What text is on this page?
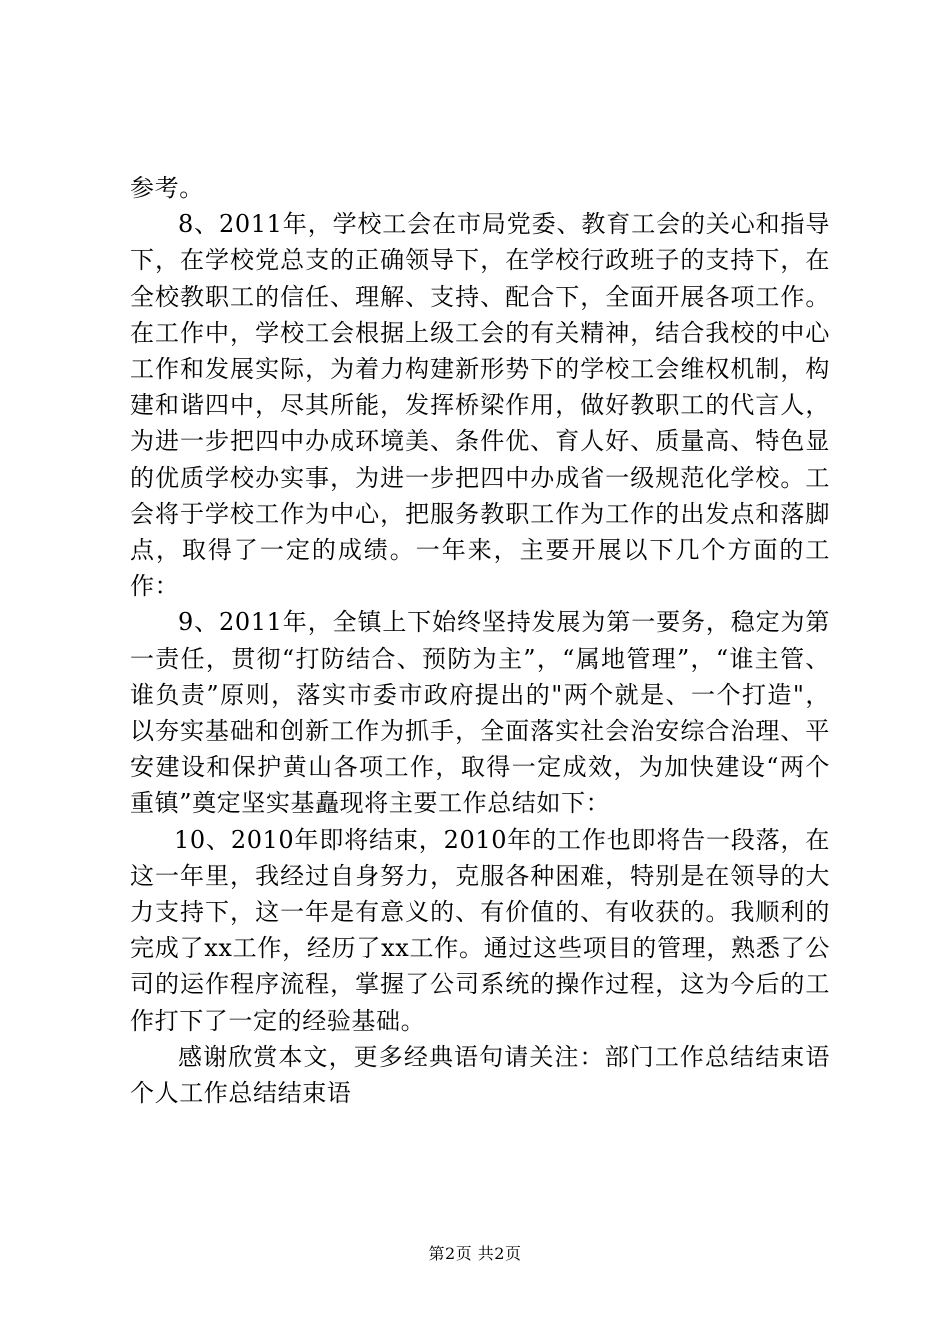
参考。

8、2011年，学校工会在市局党委、教育工会的关心和指导下，在学校党总支的正确领导下，在学校行政班子的支持下，在全校教职工的信任、理解、支持、配合下，全面开展各项工作。在工作中，学校工会根据上级工会的有关精神，结合我校的中心工作和发展实际，为着力构建新形势下的学校工会维权机制，构建和谐四中，尽其所能，发挥桥梁作用，做好教职工的代言人，为进一步把四中办成环境美、条件优、育人好、质量高、特色显的优质学校办实事，为进一步把四中办成省一级规范化学校。工会将于学校工作为中心，把服务教职工作为工作的出发点和落脚点，取得了一定的成绩。一年来，主要开展以下几个方面的工作：

9、2011年，全镇上下始终坚持发展为第一要务，稳定为第一责任，贯彻“打防结合、预防为主”，“属地管理”，“谁主管、谁负责”原则，落实市委市政府提出的"两个就是、一个打造"，以夯实基础和创新工作为抓手，全面落实社会治安综合治理、平安建设和保护黄山各项工作，取得一定成效，为加快建设“两个重镇”奠定坚实基矗现将主要工作总结如下：

10、2010年即将结束，2010年的工作也即将告一段落，在这一年里，我经过自身努力，克服各种困难，特别是在领导的大力支持下，这一年是有意义的、有价值的、有收获的。我顺利的完成了xx工作，经历了xx工作。通过这些项目的管理，熟悉了公司的运作程序流程，掌握了公司系统的操作过程，这为今后的工作打下了一定的经验基础。

感谢欣赏本文，更多经典语句请关注：部门工作总结结束语个人工作总结结束语

第2页 共2页
